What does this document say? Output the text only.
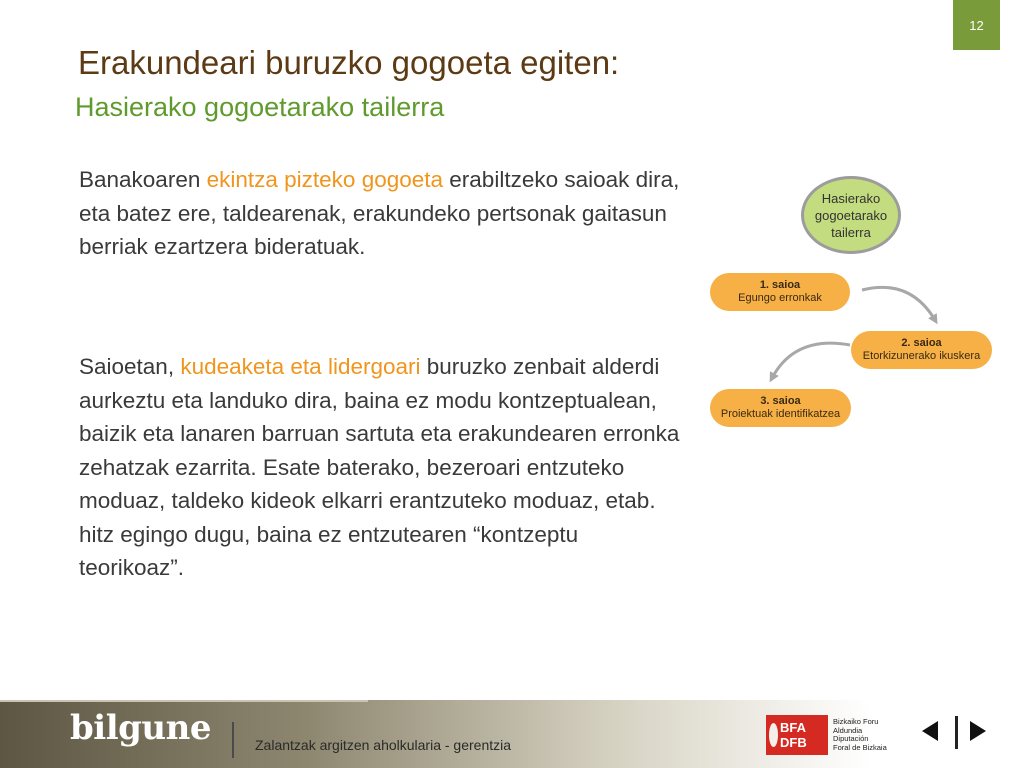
12
Erakundeari buruzko gogoeta egiten:
Hasierako gogoetarako tailerra

Banakoaren ekintza pizteko gogoeta erabiltzeko saioak dira, eta batez ere, taldearenak, erakundeko pertsonak gaitasun berriak ezartzera bideratuak.

Saioetan, kudeaketa eta lidergoari buruzko zenbait alderdi aurkeztu eta landuko dira, baina ez modu kontzeptualean, baizik eta lanaren barruan sartuta eta erakundearen erronka zehatzak ezarrita. Esate baterako, bezeroari entzuteko moduaz, taldeko kideok elkarri erantzuteko moduaz, etab. hitz egingo dugu, baina ez entzutearen “kontzeptu teorikoaz”.

Hasierako
gogoetarako
tailerra
1. saioa
Egungo erronkak
2. saioa
Etorkizunerako ikuskera
3. saioa
Proiektuak identifikatzea
bilgune	Zalantzak argitzen aholkularia - gerentzia
BFA
DFB
Bizkaiko Foru
Aldundia
Diputación
Foral de Bizkaia
